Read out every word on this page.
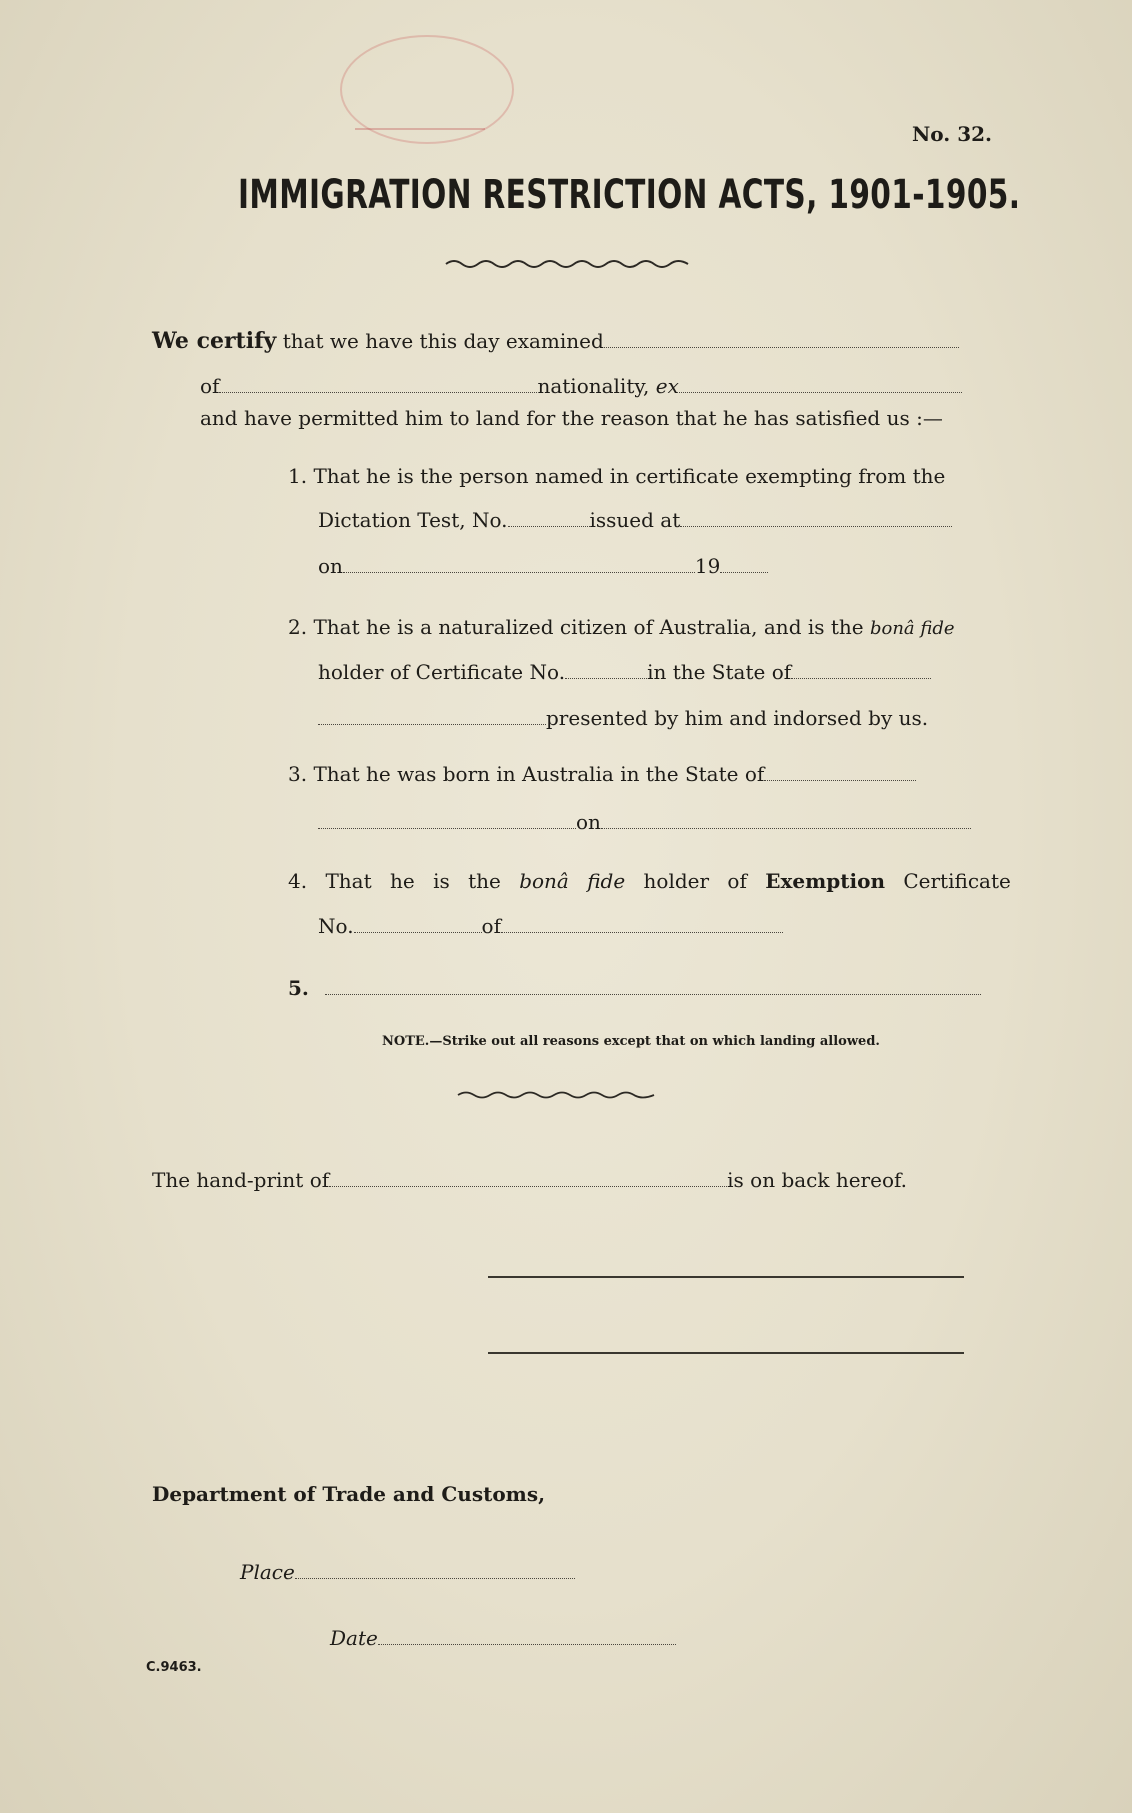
No. 32.
IMMIGRATION RESTRICTION ACTS, 1901-1905.
We certify that we have this day examined
of	nationality, ex
and have permitted him to land for the reason that he has satisfied us :—
1. That he is the person named in certificate exempting from the
Dictation Test, No.	issued at
on	19
2. That he is a naturalized citizen of Australia, and is the bonâ fide
holder of Certificate No.	in the State of
presented by him and indorsed by us.
3. That he was born in Australia in the State of
on
4. That he is the bonâ fide holder of Exemption Certificate
No.	of
5.
NOTE.—Strike out all reasons except that on which landing allowed.
The hand-print of	is on back hereof.
Department of Trade and Customs,
Place
Date
C.9463.
